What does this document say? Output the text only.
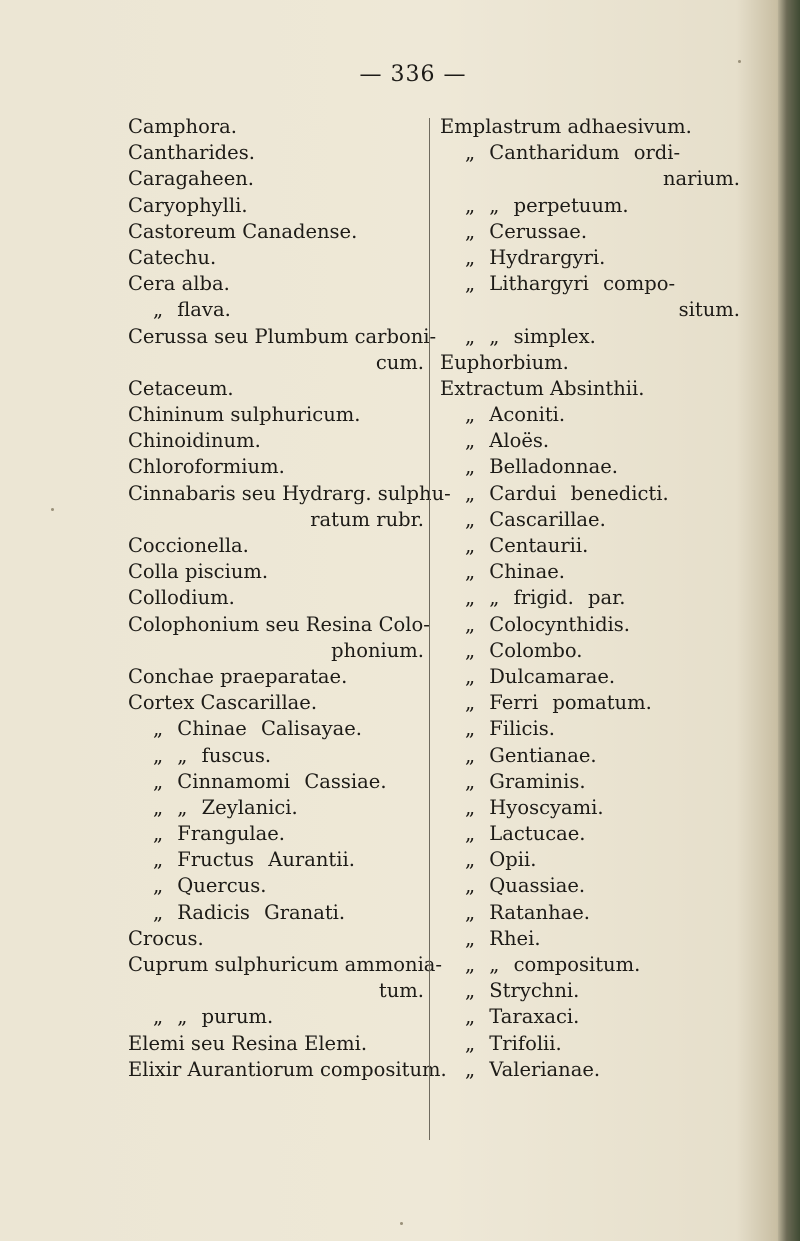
— 336 —
Camphora.
Cantharides.
Caragaheen.
Caryophylli.
Castoreum Canadense.
Catechu.
Cera alba.
„ flava.
Cerussa seu Plumbum carboni-
cum.
Cetaceum.
Chininum sulphuricum.
Chinoidinum.
Chloroformium.
Cinnabaris seu Hydrarg. sulphu-
ratum rubr.
Coccionella.
Colla piscium.
Collodium.
Colophonium seu Resina Colo-
phonium.
Conchae praeparatae.
Cortex Cascarillae.
„ Chinae Calisayae.
„ „ fuscus.
„ Cinnamomi Cassiae.
„ „ Zeylanici.
„ Frangulae.
„ Fructus Aurantii.
„ Quercus.
„ Radicis Granati.
Crocus.
Cuprum sulphuricum ammonia-
tum.
„ „ purum.
Elemi seu Resina Elemi.
Elixir Aurantiorum compositum.
Emplastrum adhaesivum.
„ Cantharidum ordi-
narium.
„ „ perpetuum.
„ Cerussae.
„ Hydrargyri.
„ Lithargyri compo-
situm.
„ „ simplex.
Euphorbium.
Extractum Absinthii.
„ Aconiti.
„ Aloës.
„ Belladonnae.
„ Cardui benedicti.
„ Cascarillae.
„ Centaurii.
„ Chinae.
„ „ frigid. par.
„ Colocynthidis.
„ Colombo.
„ Dulcamarae.
„ Ferri pomatum.
„ Filicis.
„ Gentianae.
„ Graminis.
„ Hyoscyami.
„ Lactucae.
„ Opii.
„ Quassiae.
„ Ratanhae.
„ Rhei.
„ „ compositum.
„ Strychni.
„ Taraxaci.
„ Trifolii.
„ Valerianae.
